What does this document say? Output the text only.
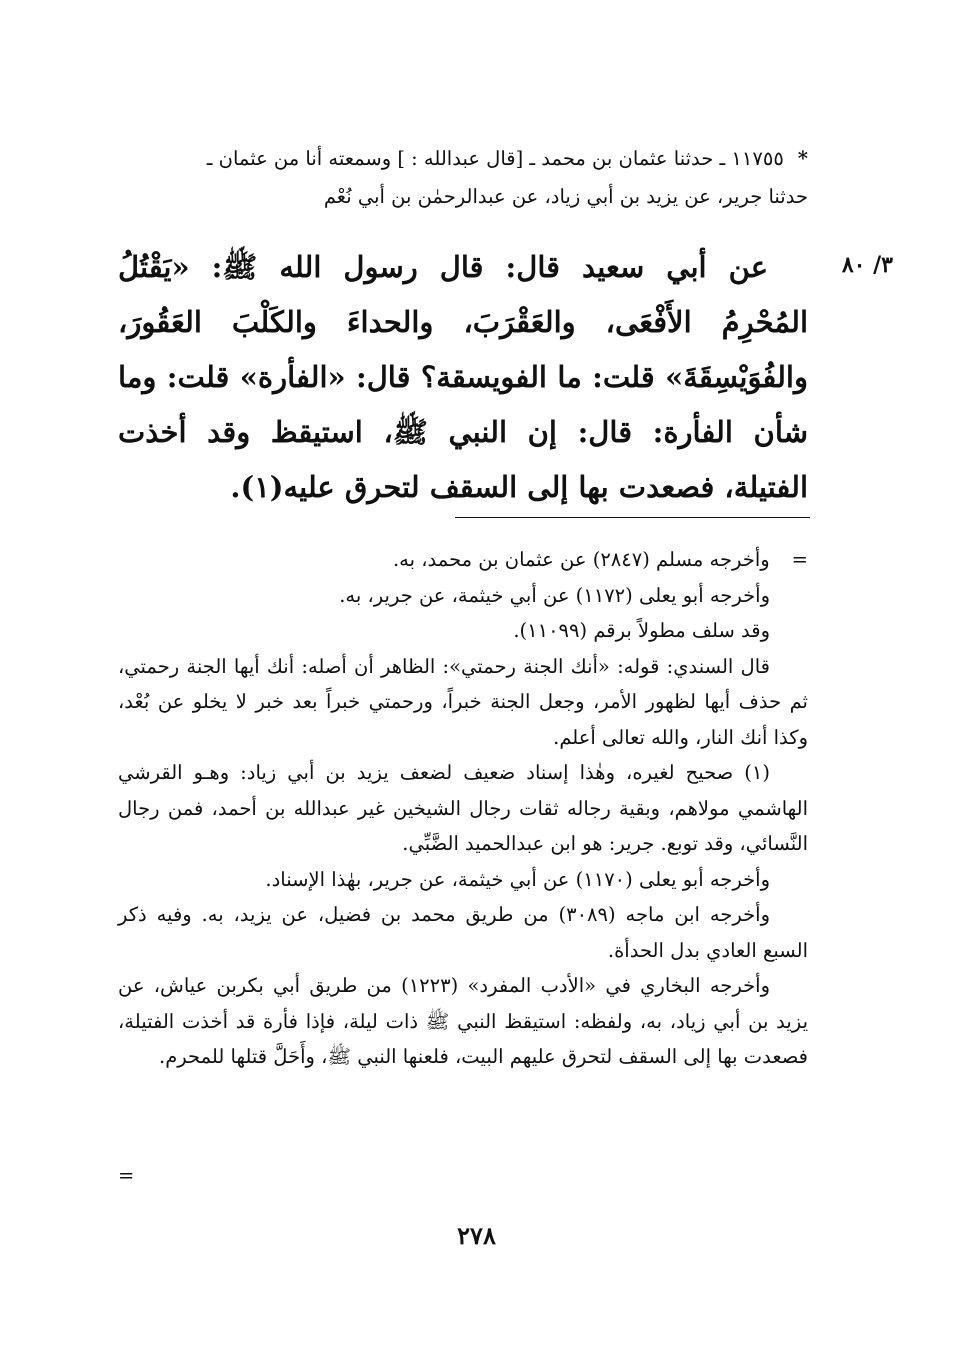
*١١٧٥٥ ـ حدثنا عثمان بن محمد ـ [قال عبدالله : ] وسمعته أنا من عثمان ـ
حدثنا جرير، عن يزيد بن أبي زياد، عن عبدالرحمٰن بن أبي نُعْم
٣/ ٨٠

عن أبي سعيد قال: قال رسول الله ﷺ: «يَقْتُلُ المُحْرِمُ الأَفْعَى، والعَقْرَبَ، والحداءَ والكَلْبَ العَقُورَ، والفُوَيْسِقَةَ» قلت: ما الفويسقة؟ قال: «الفأرة» قلت: وما شأن الفأرة: قال: إن النبي ﷺ، استيقظ وقد أخذت الفتيلة، فصعدت بها إلى السقف لتحرق عليه(١).

=وأخرجه مسلم (٢٨٤٧) عن عثمان بن محمد، به.

وأخرجه أبو يعلى (١١٧٢) عن أبي خيثمة، عن جرير، به.

وقد سلف مطولاً برقم (١١٠٩٩).

قال السندي: قوله: «أنك الجنة رحمتي»: الظاهر أن أصله: أنك أيها الجنة رحمتي، ثم حذف أيها لظهور الأمر، وجعل الجنة خبراً، ورحمتي خبراً بعد خبر لا يخلو عن بُعْد، وكذا أنك النار، والله تعالى أعلم.

(١) صحيح لغيره، وهٰذا إسناد ضعيف لضعف يزيد بن أبي زياد: وهـو القرشي الهاشمي مولاهم، وبقية رجاله ثقات رجال الشيخين غير عبدالله بن أحمد، فمن رجال النَّسائي، وقد توبع. جرير: هو ابن عبدالحميد الضَّبِّي.

وأخرجه أبو يعلى (١١٧٠) عن أبي خيثمة، عن جرير، بهٰذا الإسناد.

وأخرجه ابن ماجه (٣٠٨٩) من طريق محمد بن فضيل، عن يزيد، به. وفيه ذكر السبع العادي بدل الحدأة.

وأخرجه البخاري في «الأدب المفرد» (١٢٢٣) من طريق أبي بكربن عياش، عن يزيد بن أبي زياد، به، ولفظه: استيقظ النبي ﷺ ذات ليلة، فإذا فأرة قد أخذت الفتيلة، فصعدت بها إلى السقف لتحرق عليهم البيت، فلعنها النبي ﷺ، وأَحَلَّ قتلها للمحرم.

=
٢٧٨
